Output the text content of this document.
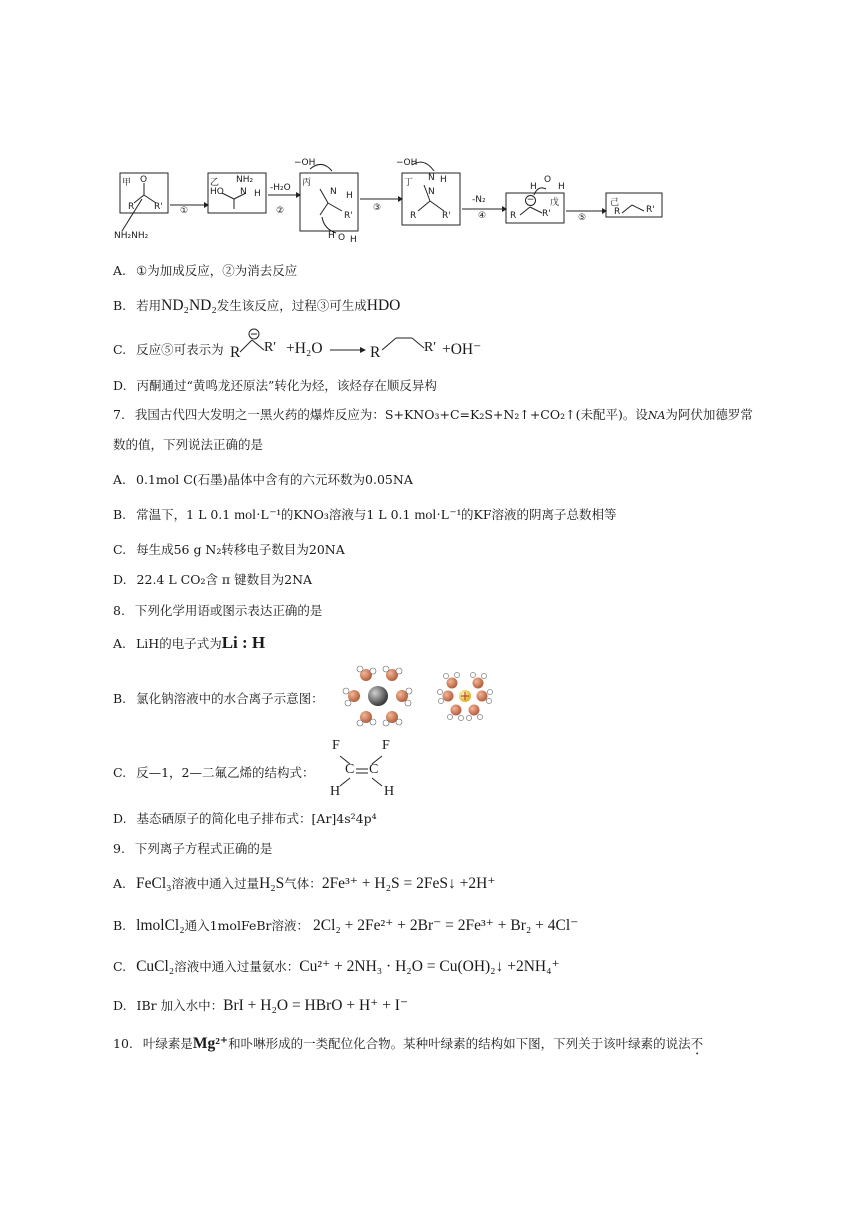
甲	乙	丙	丁
戊	己
①	②	③
④	⑤
NH₂NH₂
-H₂O
-N₂
−OH	−OH
O
R R'
NH₂
HO N H	N H
R'
H O H
N H
N
R	R'
H
O
H
R	R'	R	R'
−
A. ①为加成反应，②为消去反应
B. 若用ND₂ND₂发生该反应，过程③可生成HDO
C. 反应⑤可表示为 R R' +H₂O	R	R' +OH⁻
D. 丙酮通过“黄鸣龙还原法”转化为烃，该烃存在顺反异构
7. 我国古代四大发明之一黑火药的爆炸反应为：S+KNO₃+C=K₂S+N₂↑+CO₂↑(未配平)。设NA为阿伏加德罗常
数的值，下列说法正确的是
A. 0.1mol C(石墨)晶体中含有的六元环数为0.05NA
B. 常温下，1 L 0.1 mol·L⁻¹的KNO₃溶液与1 L 0.1 mol·L⁻¹的KF溶液的阴离子总数相等
C. 每生成56 g N₂转移电子数目为20NA
D. 22.4 L CO₂含 π 键数目为2NA
8. 下列化学用语或图示表达正确的是
A. LiH的电子式为Li : H
B. 氯化钠溶液中的水合离子示意图：
C. 反—1，2—二氟乙烯的结构式：
F	F
C C
H	H
D. 基态硒原子的简化电子排布式：[Ar]4s²4p⁴
9. 下列离子方程式正确的是
A. FeCl₃溶液中通入过量H₂S气体：2Fe³⁺ + H₂S = 2FeS↓ +2H⁺
B. lmolCl₂通入1molFeBr溶液： 2Cl₂ + 2Fe²⁺ + 2Br⁻ = 2Fe³⁺ + Br₂ + 4Cl⁻
C. CuCl₂溶液中通入过量氨水：Cu²⁺ + 2NH₃ · H₂O = Cu(OH)₂↓ +2NH₄⁺
D. IBr 加入水中：BrI + H₂O = HBrO + H⁺ + I⁻
10. 叶绿素是Mg²⁺和卟啉形成的一类配位化合物。某种叶绿素的结构如下图，下列关于该叶绿素的说法不
